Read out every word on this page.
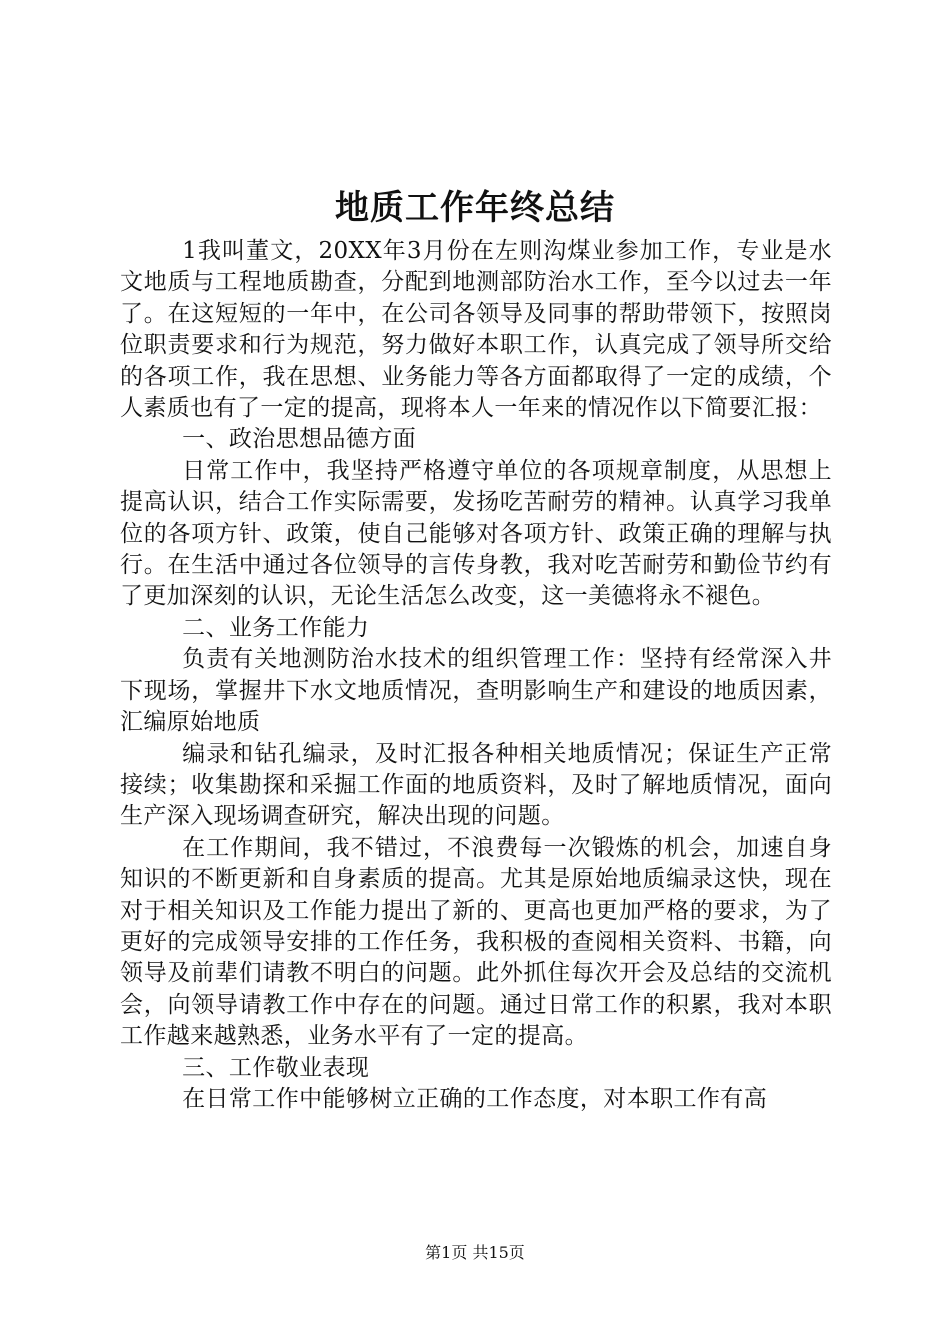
地质工作年终总结

1我叫董文，20XX年3月份在左则沟煤业参加工作，专业是水文地质与工程地质勘查，分配到地测部防治水工作，至今以过去一年了。在这短短的一年中，在公司各领导及同事的帮助带领下，按照岗位职责要求和行为规范，努力做好本职工作，认真完成了领导所交给的各项工作，我在思想、业务能力等各方面都取得了一定的成绩，个人素质也有了一定的提高，现将本人一年来的情况作以下简要汇报：

一、政治思想品德方面

日常工作中，我坚持严格遵守单位的各项规章制度，从思想上提高认识，结合工作实际需要，发扬吃苦耐劳的精神。认真学习我单位的各项方针、政策，使自己能够对各项方针、政策正确的理解与执行。在生活中通过各位领导的言传身教，我对吃苦耐劳和勤俭节约有了更加深刻的认识，无论生活怎么改变，这一美德将永不褪色。

二、业务工作能力

负责有关地测防治水技术的组织管理工作：坚持有经常深入井下现场，掌握井下水文地质情况，查明影响生产和建设的地质因素，汇编原始地质

编录和钻孔编录，及时汇报各种相关地质情况；保证生产正常接续；收集勘探和采掘工作面的地质资料，及时了解地质情况，面向生产深入现场调查研究，解决出现的问题。

在工作期间，我不错过，不浪费每一次锻炼的机会，加速自身知识的不断更新和自身素质的提高。尤其是原始地质编录这快，现在对于相关知识及工作能力提出了新的、更高也更加严格的要求，为了更好的完成领导安排的工作任务，我积极的查阅相关资料、书籍，向领导及前辈们请教不明白的问题。此外抓住每次开会及总结的交流机会，向领导请教工作中存在的问题。通过日常工作的积累，我对本职工作越来越熟悉，业务水平有了一定的提高。

三、工作敬业表现

在日常工作中能够树立正确的工作态度，对本职工作有高

第1页 共15页
